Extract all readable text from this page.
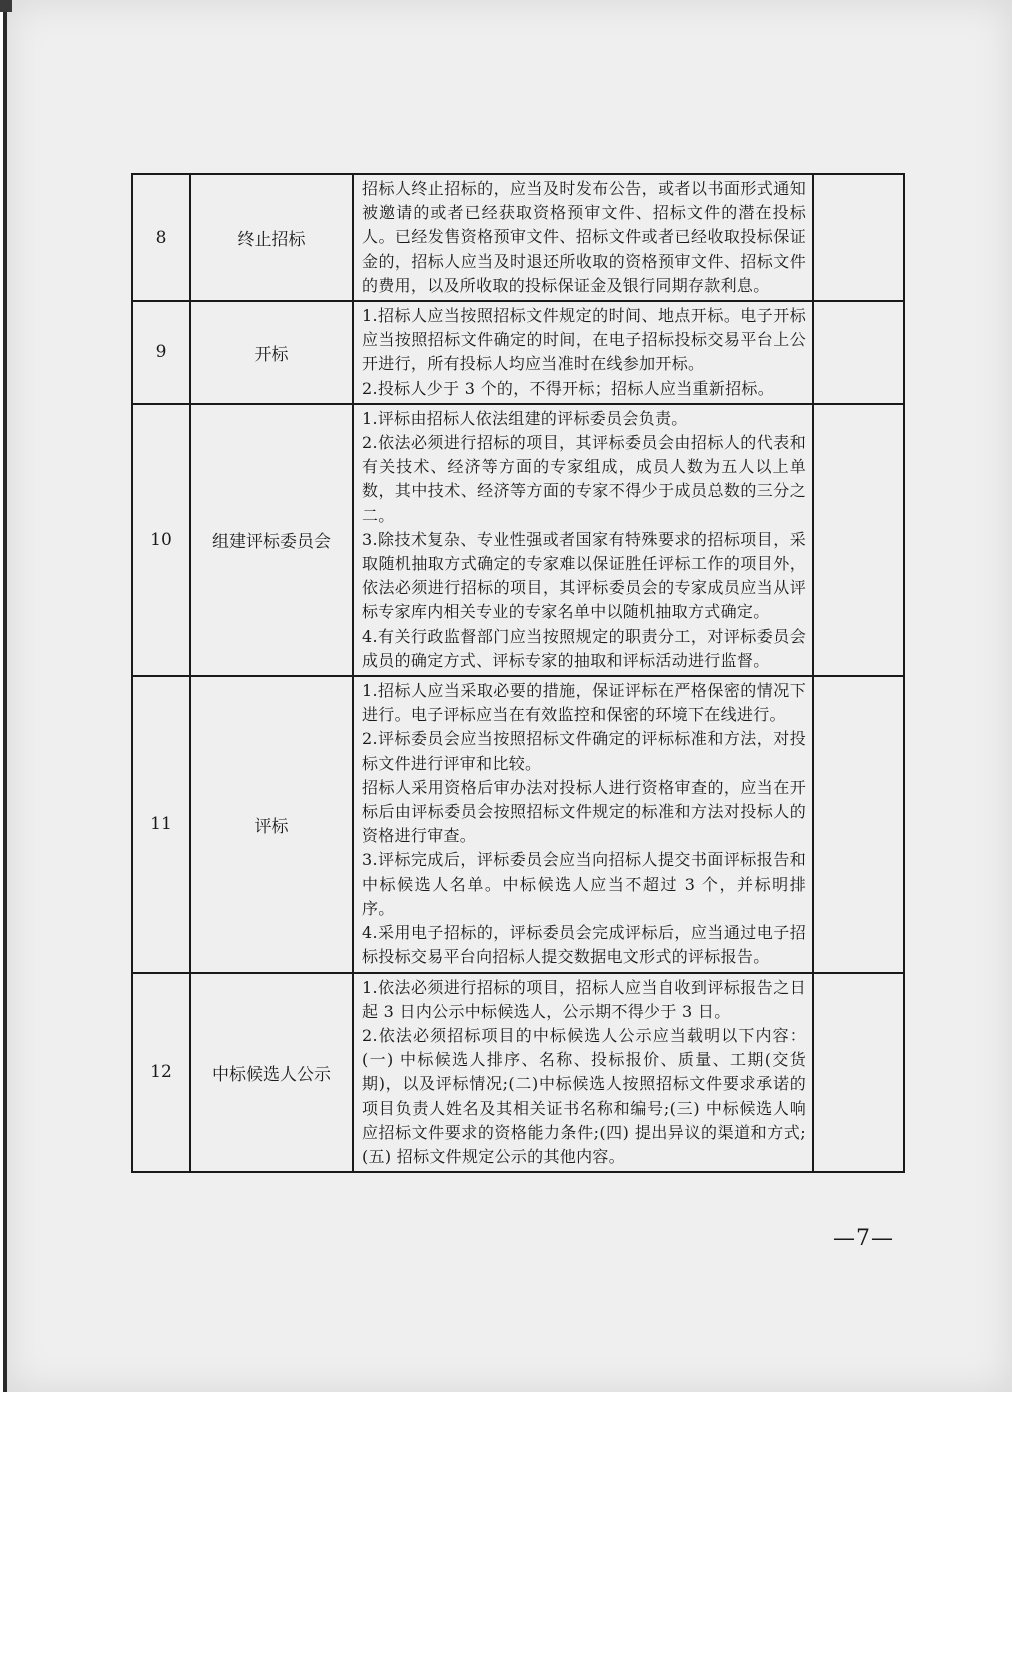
8	终止招标	招标人终止招标的，应当及时发布公告，或者以书面形式通知被邀请的或者已经获取资格预审文件、招标文件的潜在投标人。已经发售资格预审文件、招标文件或者已经收取投标保证金的，招标人应当及时退还所收取的资格预审文件、招标文件的费用，以及所收取的投标保证金及银行同期存款利息。	

9	开标	1.招标人应当按照招标文件规定的时间、地点开标。电子开标应当按照招标文件确定的时间，在电子招标投标交易平台上公开进行，所有投标人均应当准时在线参加开标。
2.投标人少于 3 个的，不得开标；招标人应当重新招标。	

10	组建评标委员会	1.评标由招标人依法组建的评标委员会负责。
2.依法必须进行招标的项目，其评标委员会由招标人的代表和有关技术、经济等方面的专家组成，成员人数为五人以上单数，其中技术、经济等方面的专家不得少于成员总数的三分之二。
3.除技术复杂、专业性强或者国家有特殊要求的招标项目，采取随机抽取方式确定的专家难以保证胜任评标工作的项目外，依法必须进行招标的项目，其评标委员会的专家成员应当从评标专家库内相关专业的专家名单中以随机抽取方式确定。
4.有关行政监督部门应当按照规定的职责分工，对评标委员会成员的确定方式、评标专家的抽取和评标活动进行监督。	

11	评标	1.招标人应当采取必要的措施，保证评标在严格保密的情况下进行。电子评标应当在有效监控和保密的环境下在线进行。
2.评标委员会应当按照招标文件确定的评标标准和方法，对投标文件进行评审和比较。
招标人采用资格后审办法对投标人进行资格审查的，应当在开标后由评标委员会按照招标文件规定的标准和方法对投标人的资格进行审查。
3.评标完成后，评标委员会应当向招标人提交书面评标报告和中标候选人名单。中标候选人应当不超过 3 个，并标明排序。
4.采用电子招标的，评标委员会完成评标后，应当通过电子招标投标交易平台向招标人提交数据电文形式的评标报告。	

12	中标候选人公示	1.依法必须进行招标的项目，招标人应当自收到评标报告之日起 3 日内公示中标候选人，公示期不得少于 3 日。
2.依法必须招标项目的中标候选人公示应当载明以下内容：(一) 中标候选人排序、名称、投标报价、质量、工期(交货期)，以及评标情况;(二)中标候选人按照招标文件要求承诺的项目负责人姓名及其相关证书名称和编号;(三) 中标候选人响应招标文件要求的资格能力条件;(四) 提出异议的渠道和方式;(五) 招标文件规定公示的其他内容。	

—7—
